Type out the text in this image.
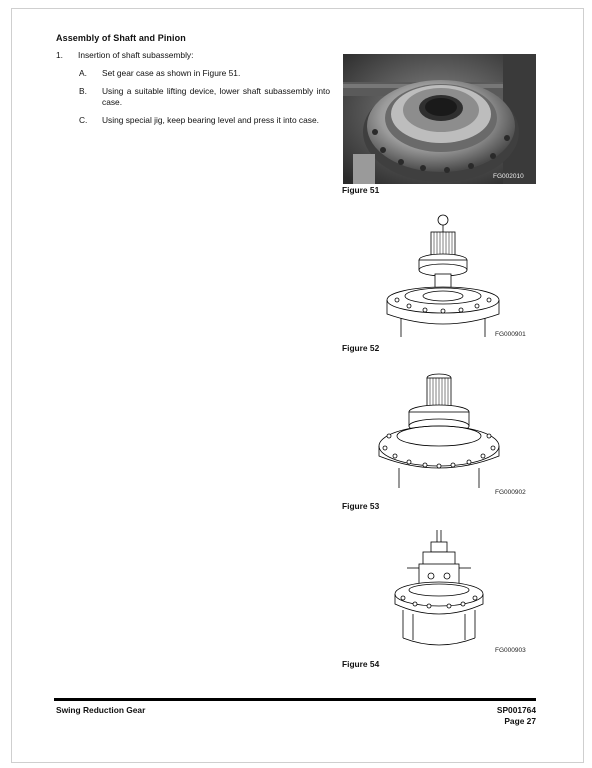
Assembly of Shaft and Pinion
1. Insertion of shaft subassembly:
A. Set gear case as shown in Figure 51.
B. Using a suitable lifting device, lower shaft subassembly into case.
C. Using special jig, keep bearing level and press it into case.
FG002010
Figure 51
FG000901
Figure 52
FG000902
Figure 53
FG000903
Figure 54
Swing Reduction Gear	SP001764
Page 27
